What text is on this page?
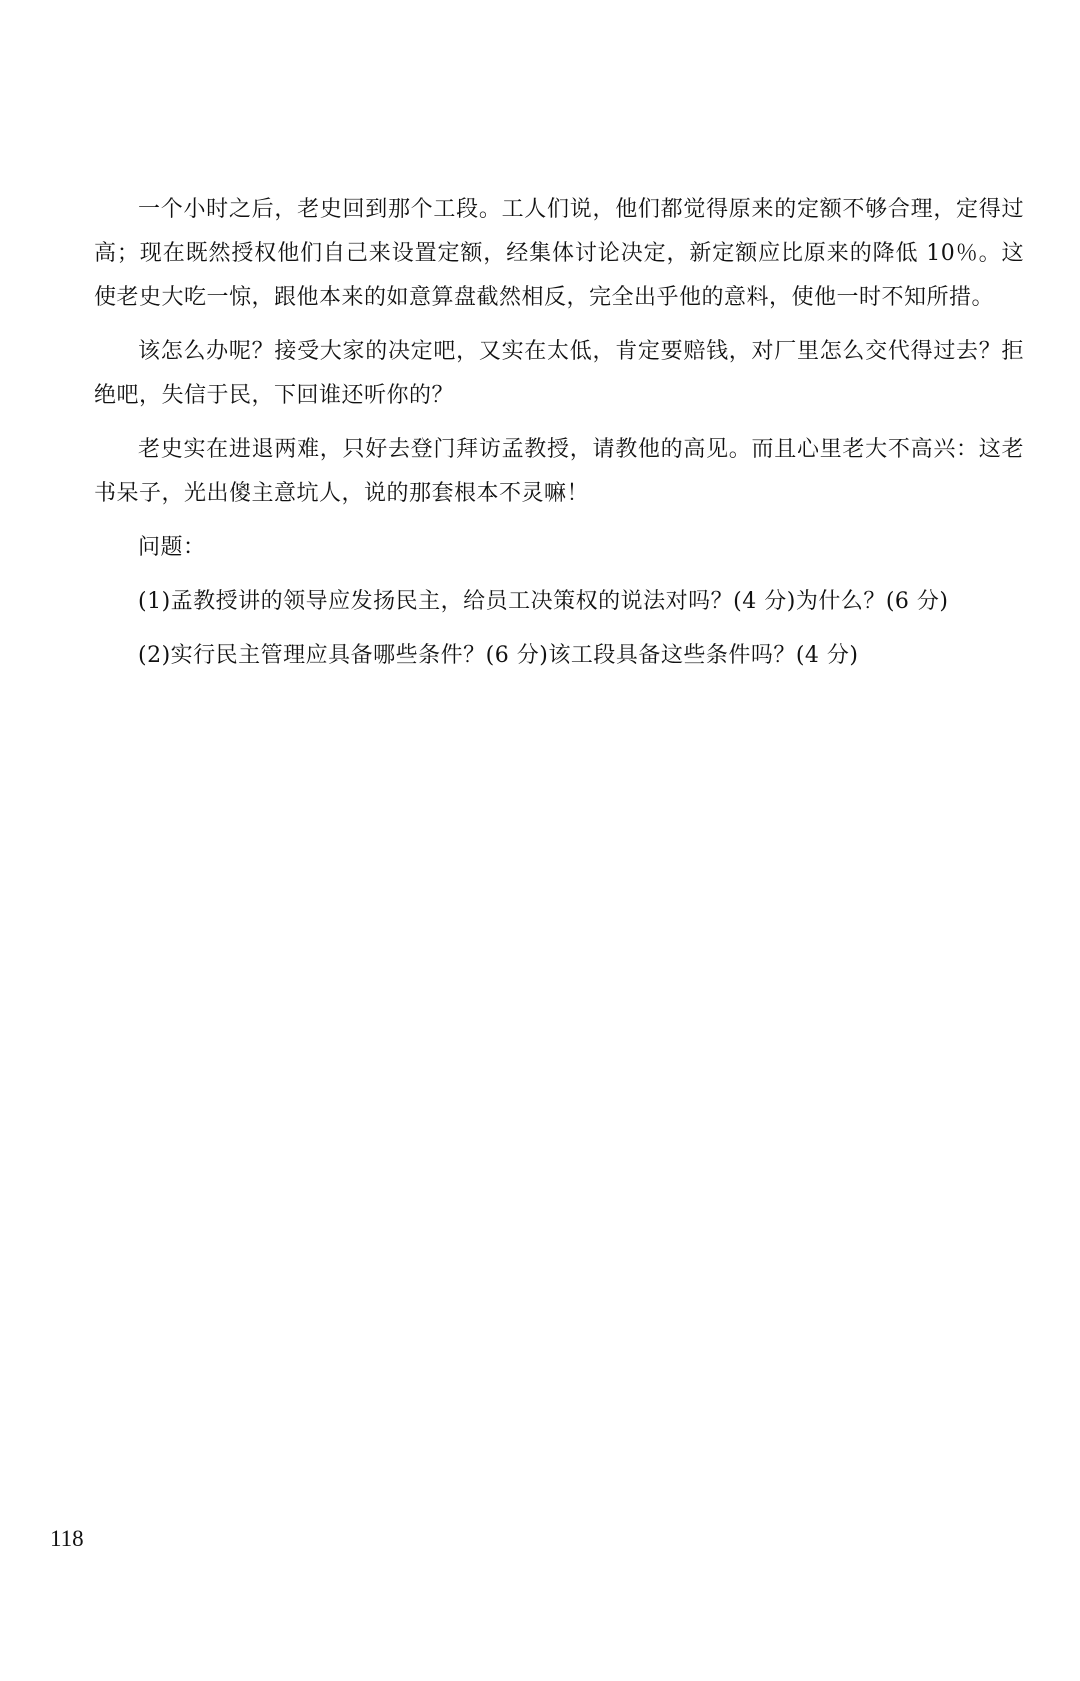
一个小时之后，老史回到那个工段。工人们说，他们都觉得原来的定额不够合理，定得过高；现在既然授权他们自己来设置定额，经集体讨论决定，新定额应比原来的降低 10％。这使老史大吃一惊，跟他本来的如意算盘截然相反，完全出乎他的意料，使他一时不知所措。

该怎么办呢？接受大家的决定吧，又实在太低，肯定要赔钱，对厂里怎么交代得过去？拒绝吧，失信于民，下回谁还听你的？

老史实在进退两难，只好去登门拜访孟教授，请教他的高见。而且心里老大不高兴：这老书呆子，光出傻主意坑人，说的那套根本不灵嘛！

问题：

(1)孟教授讲的领导应发扬民主，给员工决策权的说法对吗？(4 分)为什么？(6 分)

(2)实行民主管理应具备哪些条件？(6 分)该工段具备这些条件吗？(4 分)

118
